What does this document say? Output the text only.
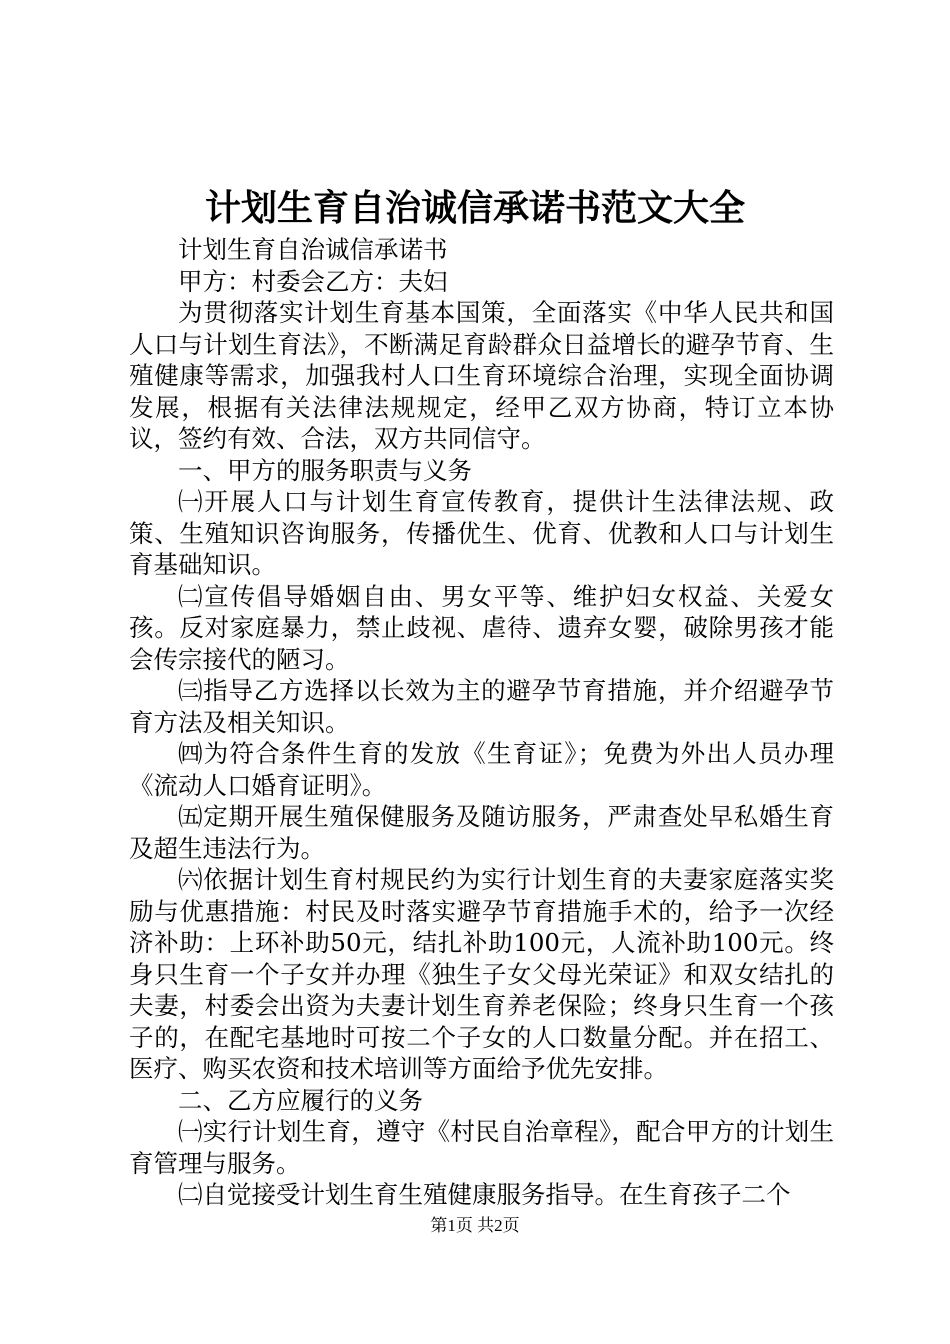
计划生育自治诚信承诺书范文大全

计划生育自治诚信承诺书

甲方：村委会乙方：夫妇

为贯彻落实计划生育基本国策，全面落实《中华人民共和国人口与计划生育法》，不断满足育龄群众日益增长的避孕节育、生殖健康等需求，加强我村人口生育环境综合治理，实现全面协调发展，根据有关法律法规规定，经甲乙双方协商，特订立本协议，签约有效、合法，双方共同信守。

一、甲方的服务职责与义务

㈠开展人口与计划生育宣传教育，提供计生法律法规、政策、生殖知识咨询服务，传播优生、优育、优教和人口与计划生育基础知识。

㈡宣传倡导婚姻自由、男女平等、维护妇女权益、关爱女孩。反对家庭暴力，禁止歧视、虐待、遗弃女婴，破除男孩才能会传宗接代的陋习。

㈢指导乙方选择以长效为主的避孕节育措施，并介绍避孕节育方法及相关知识。

㈣为符合条件生育的发放《生育证》；免费为外出人员办理《流动人口婚育证明》。

㈤定期开展生殖保健服务及随访服务，严肃查处早私婚生育及超生违法行为。

㈥依据计划生育村规民约为实行计划生育的夫妻家庭落实奖励与优惠措施：村民及时落实避孕节育措施手术的，给予一次经济补助：上环补助50元，结扎补助100元，人流补助100元。终身只生育一个子女并办理《独生子女父母光荣证》和双女结扎的夫妻，村委会出资为夫妻计划生育养老保险；终身只生育一个孩子的，在配宅基地时可按二个子女的人口数量分配。并在招工、医疗、购买农资和技术培训等方面给予优先安排。

二、乙方应履行的义务

㈠实行计划生育，遵守《村民自治章程》，配合甲方的计划生育管理与服务。

㈡自觉接受计划生育生殖健康服务指导。在生育孩子二个

第1页 共2页
